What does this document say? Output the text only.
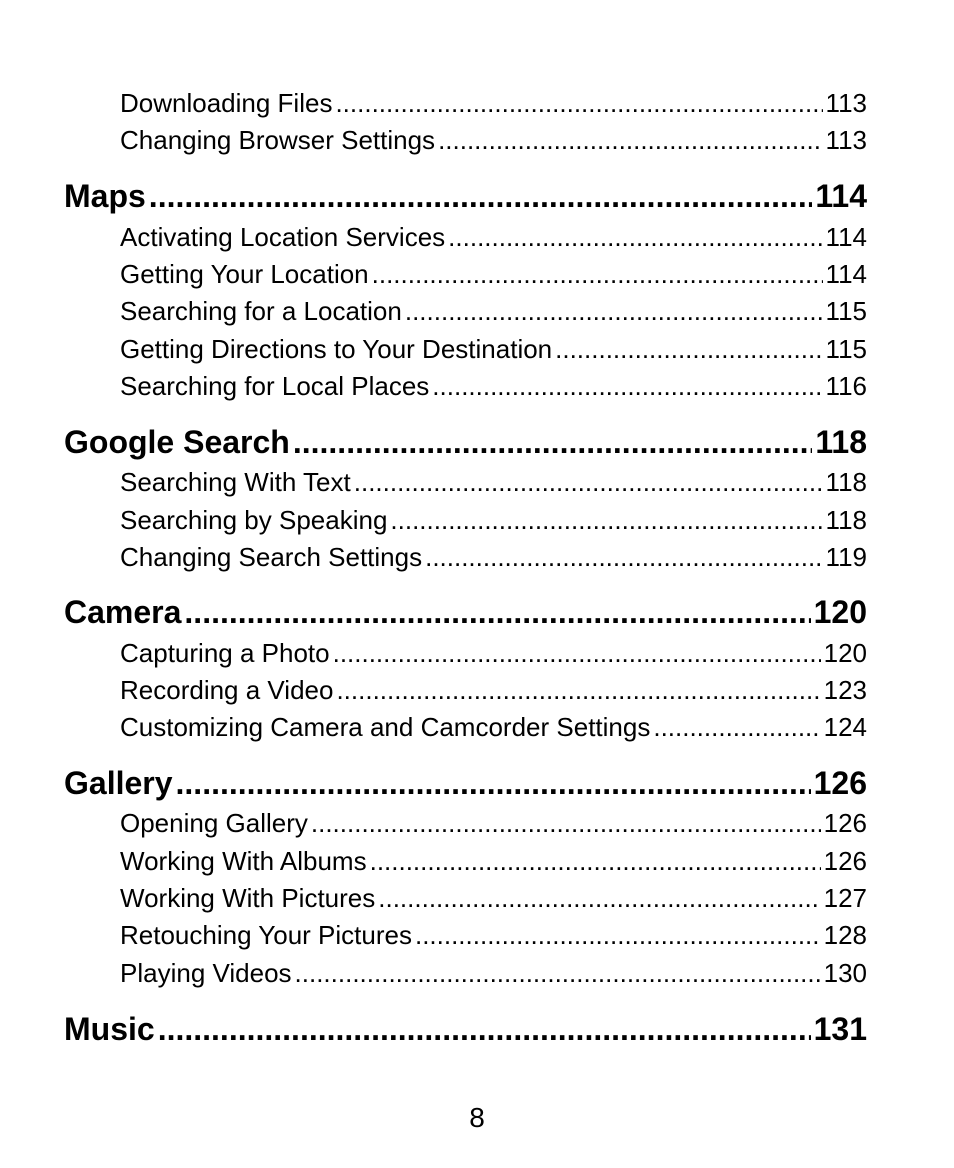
Downloading Files .....	113
Changing Browser Settings .....	113
Maps .....	114
Activating Location Services .....	114
Getting Your Location .....	114
Searching for a Location .....	115
Getting Directions to Your Destination .....	115
Searching for Local Places .....	116
Google Search .....	118
Searching With Text .....	118
Searching by Speaking .....	118
Changing Search Settings .....	119
Camera .....	120
Capturing a Photo .....	120
Recording a Video .....	123
Customizing Camera and Camcorder Settings .....	124
Gallery .....	126
Opening Gallery .....	126
Working With Albums .....	126
Working With Pictures .....	127
Retouching Your Pictures .....	128
Playing Videos .....	130
Music .....	131
8
